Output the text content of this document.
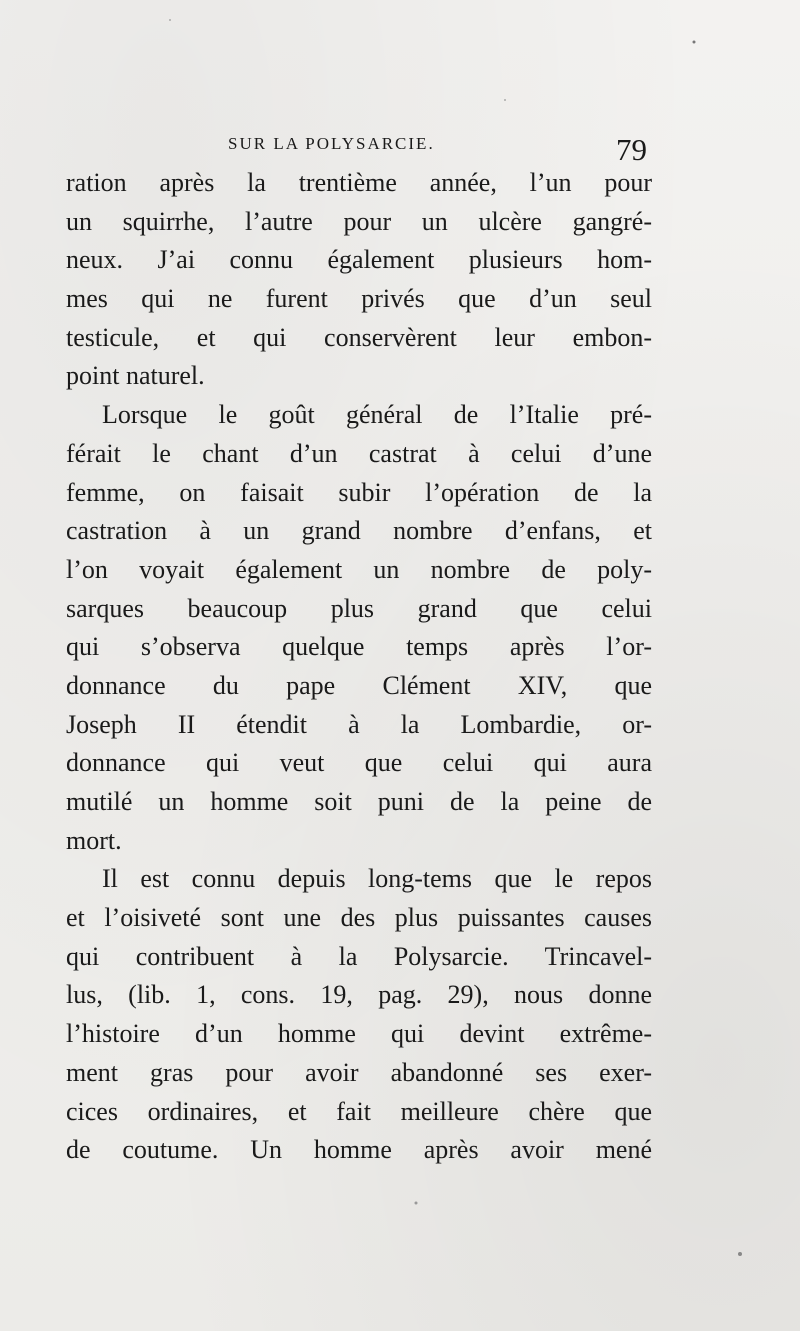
SUR LA POLYSARCIE.	79
ration après la trentième année, l’un pour
un squirrhe, l’autre pour un ulcère gangré-
neux. J’ai connu également plusieurs hom-
mes qui ne furent privés que d’un seul
testicule, et qui conservèrent leur embon-
point naturel.
Lorsque le goût général de l’Italie pré-
férait le chant d’un castrat à celui d’une
femme, on faisait subir l’opération de la
castration à un grand nombre d’enfans, et
l’on voyait également un nombre de poly-
sarques beaucoup plus grand que celui
qui s’observa quelque temps après l’or-
donnance du pape Clément XIV, que
Joseph II étendit à la Lombardie, or-
donnance qui veut que celui qui aura
mutilé un homme soit puni de la peine de
mort.
Il est connu depuis long-tems que le repos
et l’oisiveté sont une des plus puissantes causes
qui contribuent à la Polysarcie. Trincavel-
lus, (lib. 1, cons. 19, pag. 29), nous donne
l’histoire d’un homme qui devint extrême-
ment gras pour avoir abandonné ses exer-
cices ordinaires, et fait meilleure chère que
de coutume. Un homme après avoir mené
